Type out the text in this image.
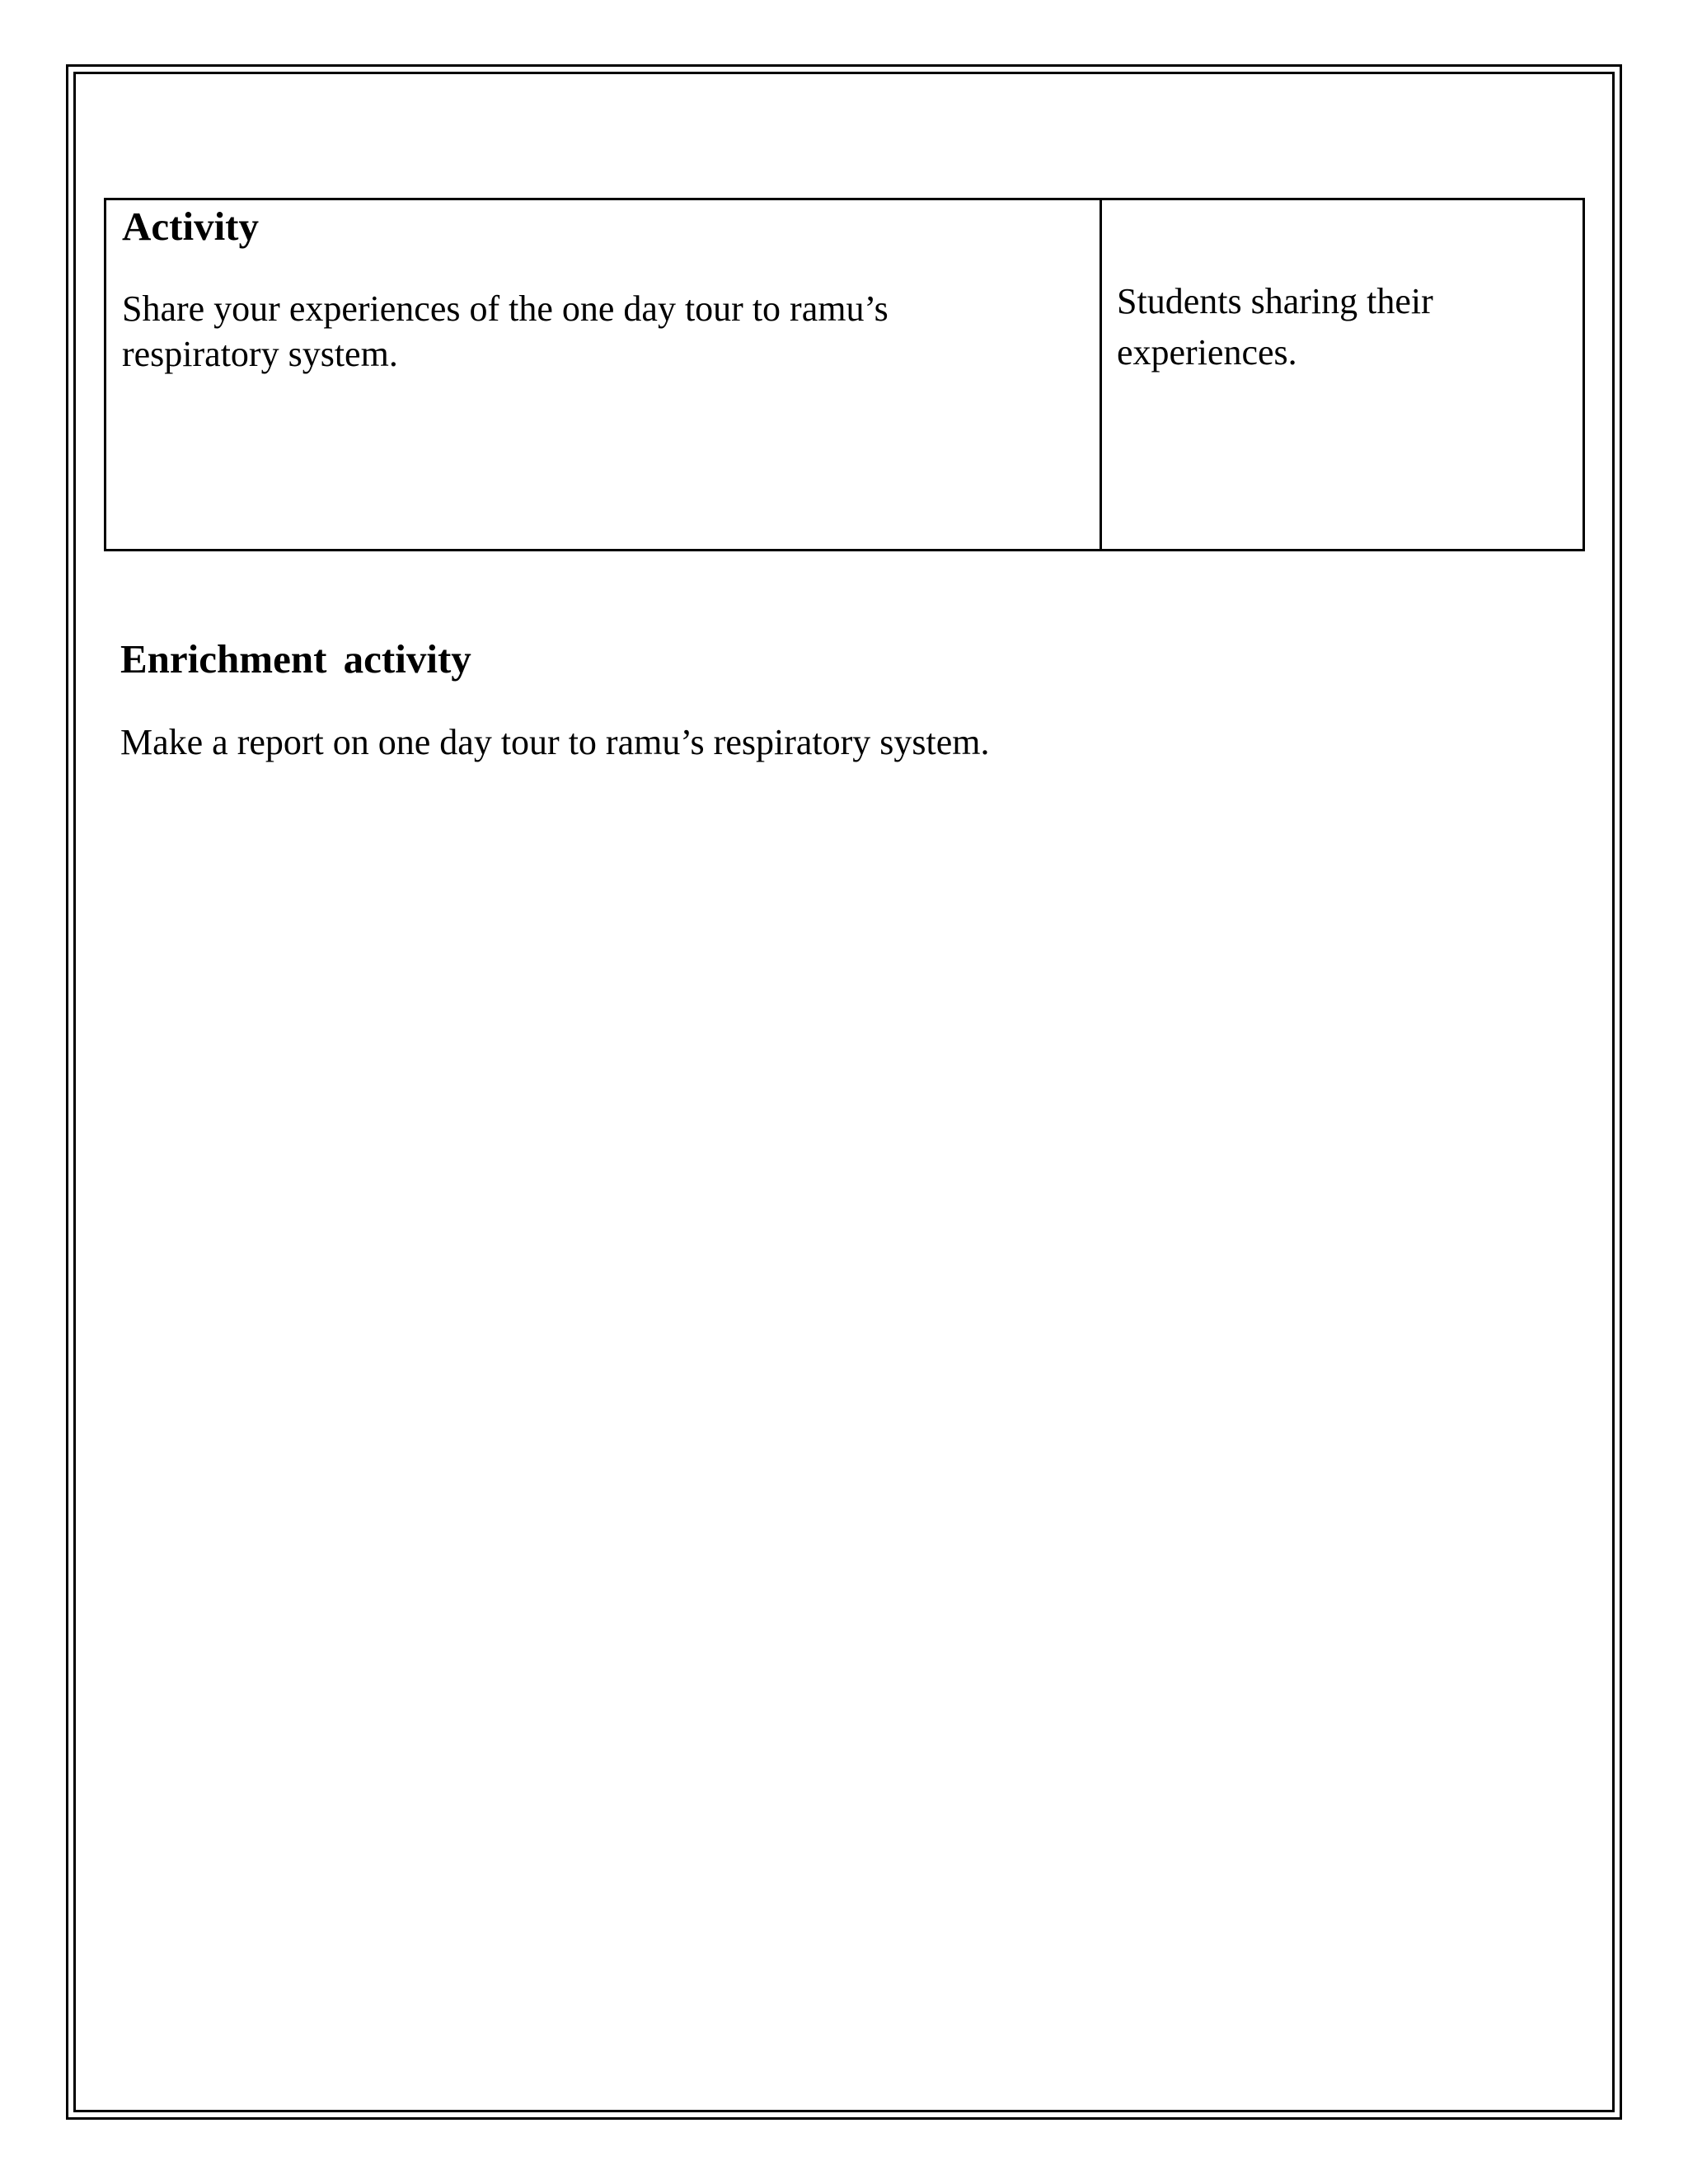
Activity

Share your experiences of the one day tour to ramu’s respiratory system.

Students sharing their experiences.

Enrichment activity

Make a report on one day tour to ramu’s respiratory system.
